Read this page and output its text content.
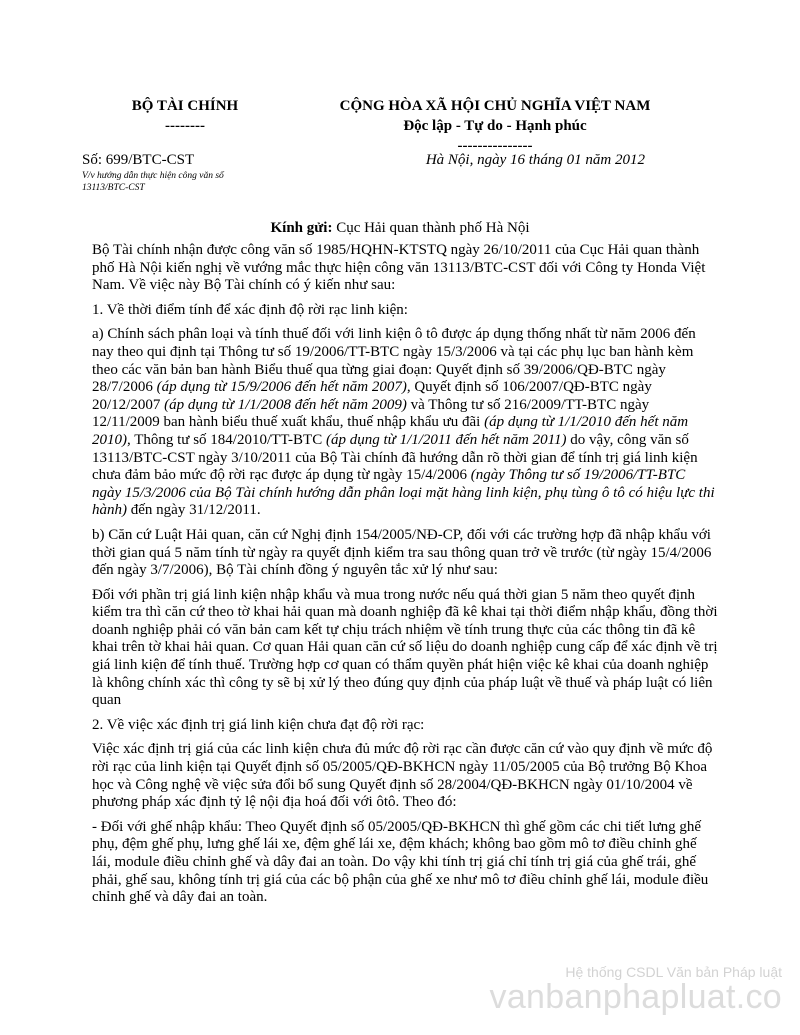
BỘ TÀI CHÍNH
--------
CỘNG HÒA XÃ HỘI CHỦ NGHĨA VIỆT NAM
Độc lập - Tự do - Hạnh phúc
---------------
Số: 699/BTC-CST	Hà Nội, ngày 16 tháng 01 năm 2012
V/v hướng dẫn thực hiện công văn số 13113/BTC-CST
Kính gửi: Cục Hải quan thành phố Hà Nội

Bộ Tài chính nhận được công văn số 1985/HQHN-KTSTQ ngày 26/10/2011 của Cục Hải quan thành phố Hà Nội kiến nghị về vướng mắc thực hiện công văn 13113/BTC-CST đối với Công ty Honda Việt Nam. Về việc này Bộ Tài chính có ý kiến như sau:

1. Về thời điểm tính để xác định độ rời rạc linh kiện:

a) Chính sách phân loại và tính thuế đối với linh kiện ô tô được áp dụng thống nhất từ năm 2006 đến nay theo qui định tại Thông tư số 19/2006/TT-BTC ngày 15/3/2006 và tại các phụ lục ban hành kèm theo các văn bản ban hành Biểu thuế qua từng giai đoạn: Quyết định số 39/2006/QĐ-BTC ngày 28/7/2006 (áp dụng từ 15/9/2006 đến hết năm 2007), Quyết định số 106/2007/QĐ-BTC ngày 20/12/2007 (áp dụng từ 1/1/2008 đến hết năm 2009) và Thông tư số 216/2009/TT-BTC ngày 12/11/2009 ban hành biểu thuế xuất khẩu, thuế nhập khẩu ưu đãi (áp dụng từ 1/1/2010 đến hết năm 2010), Thông tư số 184/2010/TT-BTC (áp dụng từ 1/1/2011 đến hết năm 2011) do vậy, công văn số 13113/BTC-CST ngày 3/10/2011 của Bộ Tài chính đã hướng dẫn rõ thời gian để tính trị giá linh kiện chưa đảm bảo mức độ rời rạc được áp dụng từ ngày 15/4/2006 (ngày Thông tư số 19/2006/TT-BTC ngày 15/3/2006 của Bộ Tài chính hướng dẫn phân loại mặt hàng linh kiện, phụ tùng ô tô có hiệu lực thi hành) đến ngày 31/12/2011.

b) Căn cứ Luật Hải quan, căn cứ Nghị định 154/2005/NĐ-CP, đối với các trường hợp đã nhập khẩu với thời gian quá 5 năm tính từ ngày ra quyết định kiểm tra sau thông quan trở về trước (từ ngày 15/4/2006 đến ngày 3/7/2006), Bộ Tài chính đồng ý nguyên tắc xử lý như sau:

Đối với phần trị giá linh kiện nhập khẩu và mua trong nước nếu quá thời gian 5 năm theo quyết định kiểm tra thì căn cứ theo tờ khai hải quan mà doanh nghiệp đã kê khai tại thời điểm nhập khẩu, đồng thời doanh nghiệp phải có văn bản cam kết tự chịu trách nhiệm về tính trung thực của các thông tin đã kê khai trên tờ khai hải quan. Cơ quan Hải quan căn cứ số liệu do doanh nghiệp cung cấp để xác định về trị giá linh kiện để tính thuế. Trường hợp cơ quan có thẩm quyền phát hiện việc kê khai của doanh nghiệp là không chính xác thì công ty sẽ bị xử lý theo đúng quy định của pháp luật về thuế và pháp luật có liên quan

2. Về việc xác định trị giá linh kiện chưa đạt độ rời rạc:

Việc xác định trị giá của các linh kiện chưa đủ mức độ rời rạc cần được căn cứ vào quy định về mức độ rời rạc của linh kiện tại Quyết định số 05/2005/QĐ-BKHCN ngày 11/05/2005 của Bộ trưởng Bộ Khoa học và Công nghệ về việc sửa đổi bổ sung Quyết định số 28/2004/QĐ-BKHCN ngày 01/10/2004 về phương pháp xác định tỷ lệ nội địa hoá đối với ôtô. Theo đó:

- Đối với ghế nhập khẩu: Theo Quyết định số 05/2005/QĐ-BKHCN thì ghế gồm các chi tiết lưng ghế phụ, đệm ghế phụ, lưng ghế lái xe, đệm ghế lái xe, đệm khách; không bao gồm mô tơ điều chỉnh ghế lái, module điều chỉnh ghế và dây đai an toàn. Do vậy khi tính trị giá chỉ tính trị giá của ghế trái, ghế phải, ghế sau, không tính trị giá của các bộ phận của ghế xe như mô tơ điều chỉnh ghế lái, module điều chỉnh ghế và dây đai an toàn.

Hệ thống CSDL Văn bản Pháp luật
vanbanphapluat.co
